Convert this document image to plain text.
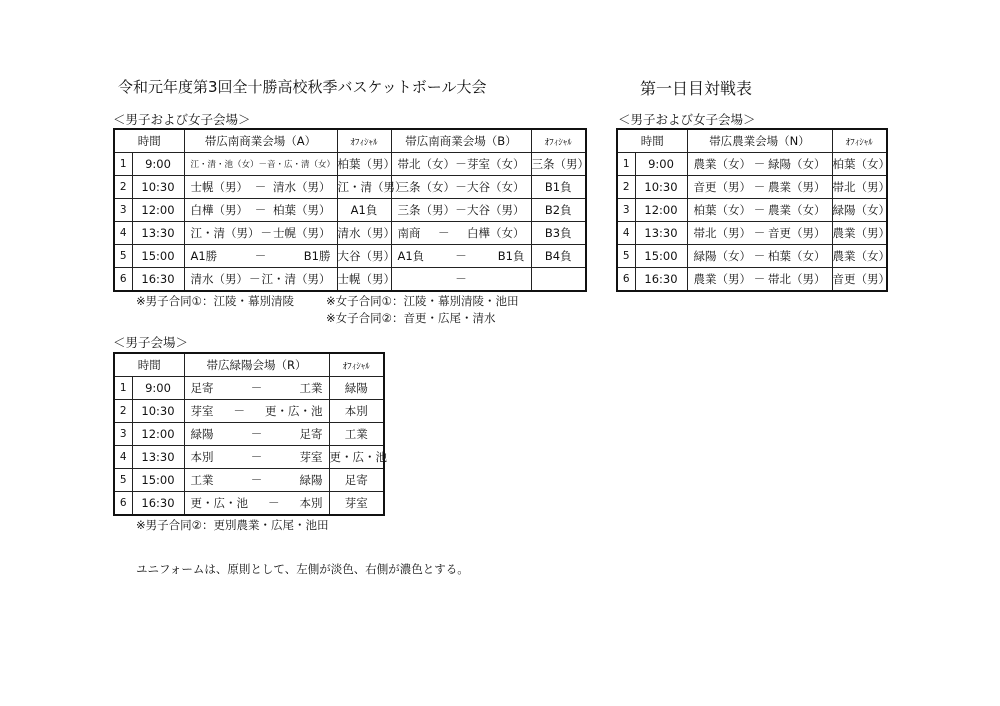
令和元年度第3回全十勝高校秋季バスケットボール大会	第一日目対戦表
＜男子および女子会場＞
時間		帯広南商業会場（A）	ｵﾌｨｼｬﾙ	帯広南商業会場（B）	ｵﾌｨｼｬﾙ
1	9:00	江・清・池（女） － 音・広・清（女）	柏葉（男）	帯北（女） － 芽室（女）	三条（男）
2	10:30	士幌（男） － 清水（男）	江・清（男）	三条（女） － 大谷（女）	B1負
3	12:00	白樺（男） － 柏葉（男）	A1負	三条（男） － 大谷（男）	B2負
4	13:30	江・清（男） － 士幌（男）	清水（男）	南商 － 白樺（女）	B3負
5	15:00	A1勝 － B1勝	大谷（男）	A1負 － B1負	B4負
6	16:30	清水（男） － 江・清（男）	士幌（男）	－	
※男子合同①：江陵・幕別清陵	※女子合同①：江陵・幕別清陵・池田
※女子合同②：音更・広尾・清水
＜男子および女子会場＞
時間		帯広農業会場（N）	ｵﾌｨｼｬﾙ
1	9:00	農業（女） － 緑陽（女）	柏葉（女）
2	10:30	音更（男） － 農業（男）	帯北（男）
3	12:00	柏葉（女） － 農業（女）	緑陽（女）
4	13:30	帯北（男） － 音更（男）	農業（男）
5	15:00	緑陽（女） － 柏葉（女）	農業（女）
6	16:30	農業（男） － 帯北（男）	音更（男）
＜男子会場＞
時間		帯広緑陽会場（R）	ｵﾌｨｼｬﾙ
1	9:00	足寄 － 工業	緑陽
2	10:30	芽室 － 更・広・池	本別
3	12:00	緑陽 － 足寄	工業
4	13:30	本別 － 芽室	更・広・池
5	15:00	工業 － 緑陽	足寄
6	16:30	更・広・池 － 本別	芽室
※男子合同②：更別農業・広尾・池田
ユニフォームは、原則として、左側が淡色、右側が濃色とする。
